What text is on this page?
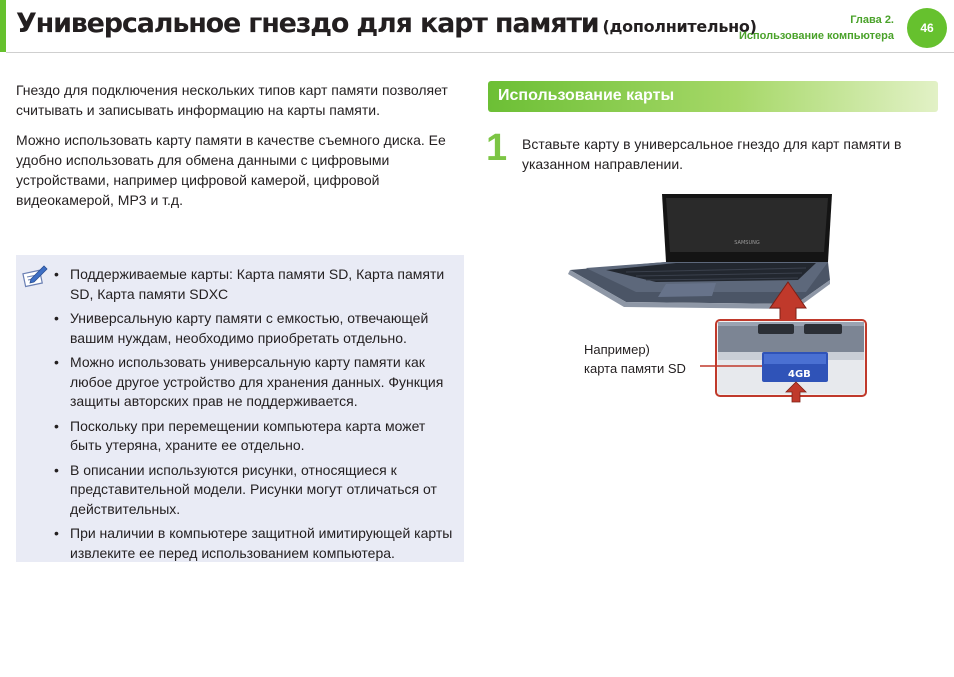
Универсальное гнездо для карт памяти (дополнительно)	Глава 2.
Использование компьютера
46

Гнездо для подключения нескольких типов карт памяти позволяет считывать и записывать информацию на карты памяти.

Можно использовать карту памяти в качестве съемного диска. Ее удобно использовать для обмена данными с цифровыми устройствами, например цифровой камерой, цифровой видеокамерой, MP3 и т.д.

• Поддерживаемые карты: Карта памяти SD, Карта памяти SD, Карта памяти SDXC
• Универсальную карту памяти с емкостью, отвечающей вашим нуждам, необходимо приобретать отдельно.
• Можно использовать универсальную карту памяти как любое другое устройство для хранения данных. Функция защиты авторских прав не поддерживается.
• Поскольку при перемещении компьютера карта может быть утеряна, храните ее отдельно.
• В описании используются рисунки, относящиеся к представительной модели. Рисунки могут отличаться от действительных.
• При наличии в компьютере защитной имитирующей карты извлеките ее перед использованием компьютера.
Использование карты
1 Вставьте карту в универсальное гнездо для карт памяти в указанном направлении.
SAMSUNG
4GB
Например)
карта памяти SD
